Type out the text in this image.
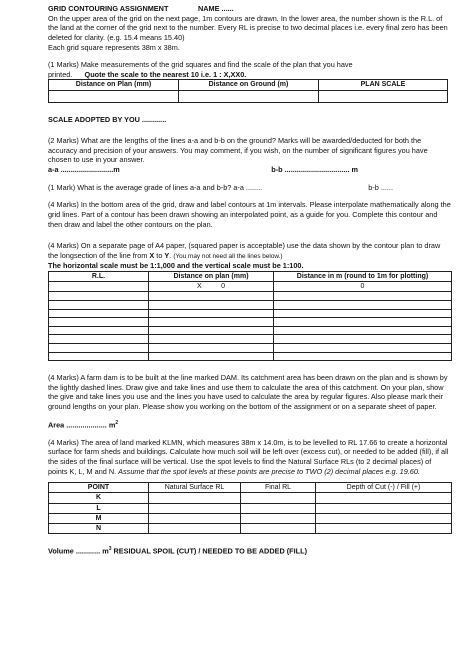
GRID CONTOURING ASSIGNMENT	NAME ......

On the upper area of the grid on the next page, 1m contours are drawn. In the lower area, the number shown is the R.L. of the land at the corner of the grid next to the number. Every RL is precise to two decimal places i.e. every final zero has been deleted for clarity. (e.g. 15.4 means 15.40)

Each grid square represents 38m x 38m.

(1 Marks) Make measurements of the grid squares and find the scale of the plan that you have

printed.      Quote the scale to the nearest 10 i.e. 1 : X,XX0.

Distance on Plan (mm)	Distance on Ground (m)	PLAN SCALE

SCALE ADOPTED BY YOU ............

(2 Marks) What are the lengths of the lines a-a and b-b on the ground? Marks will be awarded/deducted for both the accuracy and precision of your answers. You may comment, if you wish, on the number of significant figures you have chosen to use in your answer.

a-a ..........................m	b-b ................................ m
(1 Mark) What is the average grade of lines a-a and b-b? a-a ........	b-b ......

(4 Marks) In the bottom area of the grid, draw and label contours at 1m intervals. Please interpolate mathematically along the grid lines. Part of a contour has been drawn showing an interpolated point, as a guide for you. Complete this contour and then draw and label the other contours on the plan.

(4 Marks) On a separate page of A4 paper, (squared paper is acceptable) use the data shown by the contour plan to draw the longsection of the line from X to Y. (You may not need all the lines below.)

The horizontal scale must be 1:1,000 and the vertical scale must be 1:100.

R.L.	Distance on plan (mm)	Distance in m (round to 1m for plotting)
	X          0	0

(4 Marks) A farm dam is to be built at the line marked DAM. Its catchment area has been drawn on the plan and is shown by the lightly dashed lines. Draw give and take lines and use them to calculate the area of this catchment. On your plan, show the give and take lines you use and the lines you have used to calculate the area by regular figures. Also please mark their ground lengths on your plan. Please show you working on the bottom of the assignment or on a separate sheet of paper.

Area .................... $m^2$

(4 Marks) The area of land marked KLMN, which measures 38m x 14.0m, is to be levelled to RL 17.66 to create a horizontal surface for farm sheds and buildings. Calculate how much soil will be left over (excess cut), or needed to be added (fill), if all the sides of the final surface will be vertical. Use the spot levels to find the Natural Surface RLs (to 2 decimal places) of points K, L, M and N. Assume that the spot levels at these points are precise to TWO (2) decimal places e.g. 19.60.

POINT	Natural Surface RL	Final RL	Depth of Cut (-) / Fill (+)
K			
L			
M			
N			

Volume ............ $m^3$ RESIDUAL SPOIL (CUT) / NEEDED TO BE ADDED (FILL)
